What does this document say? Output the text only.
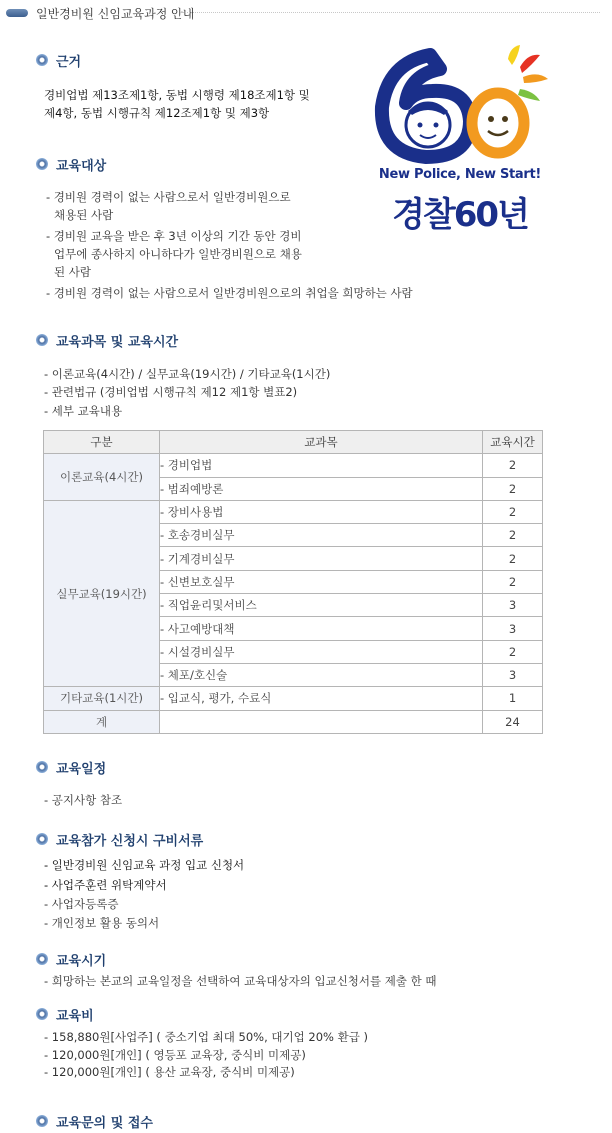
일반경비원 신임교육과정 안내
New Police, New Start!
경찰60년
근거
경비업법 제13조제1항, 동법 시행령 제18조제1항 및
제4항, 동법 시행규칙 제12조제1항 및 제3항
교육대상
- 경비원 경력이 없는 사람으로서 일반경비원으로
채용된 사람
- 경비원 교육을 받은 후 3년 이상의 기간 동안 경비
업무에 종사하지 아니하다가 일반경비원으로 채용
된 사람
- 경비원 경력이 없는 사람으로서 일반경비원으로의 취업을 희망하는 사람
교육과목 및 교육시간
- 이론교육(4시간) / 실무교육(19시간) / 기타교육(1시간)
- 관련법규 (경비업법 시행규칙 제12 제1항 별표2)
- 세부 교육내용
구분	교과목	교육시간
이론교육(4시간)	- 경비업법	2
	- 범죄예방론	2
실무교육(19시간)	- 장비사용법	2
	- 호송경비실무	2
	- 기계경비실무	2
	- 신변보호실무	2
	- 직업윤리및서비스	3
	- 사고예방대책	3
	- 시설경비실무	2
	- 체포/호신술	3
기타교육(1시간)	- 입교식, 평가, 수료식	1
계		24
교육일정
- 공지사항 참조
교육참가 신청시 구비서류
- 일반경비원 신임교육 과정 입교 신청서
- 사업주훈련 위탁계약서
- 사업자등록증
- 개인정보 활용 동의서
교육시기
- 희망하는 본교의 교육일정을 선택하여 교육대상자의 입교신청서를 제출 한 때
교육비
- 158,880원[사업주] ( 중소기업 최대 50%, 대기업 20% 환급 )
- 120,000원[개인] ( 영등포 교육장, 중식비 미제공)
- 120,000원[개인] ( 용산 교육장, 중식비 미제공)
교육문의 및 접수
